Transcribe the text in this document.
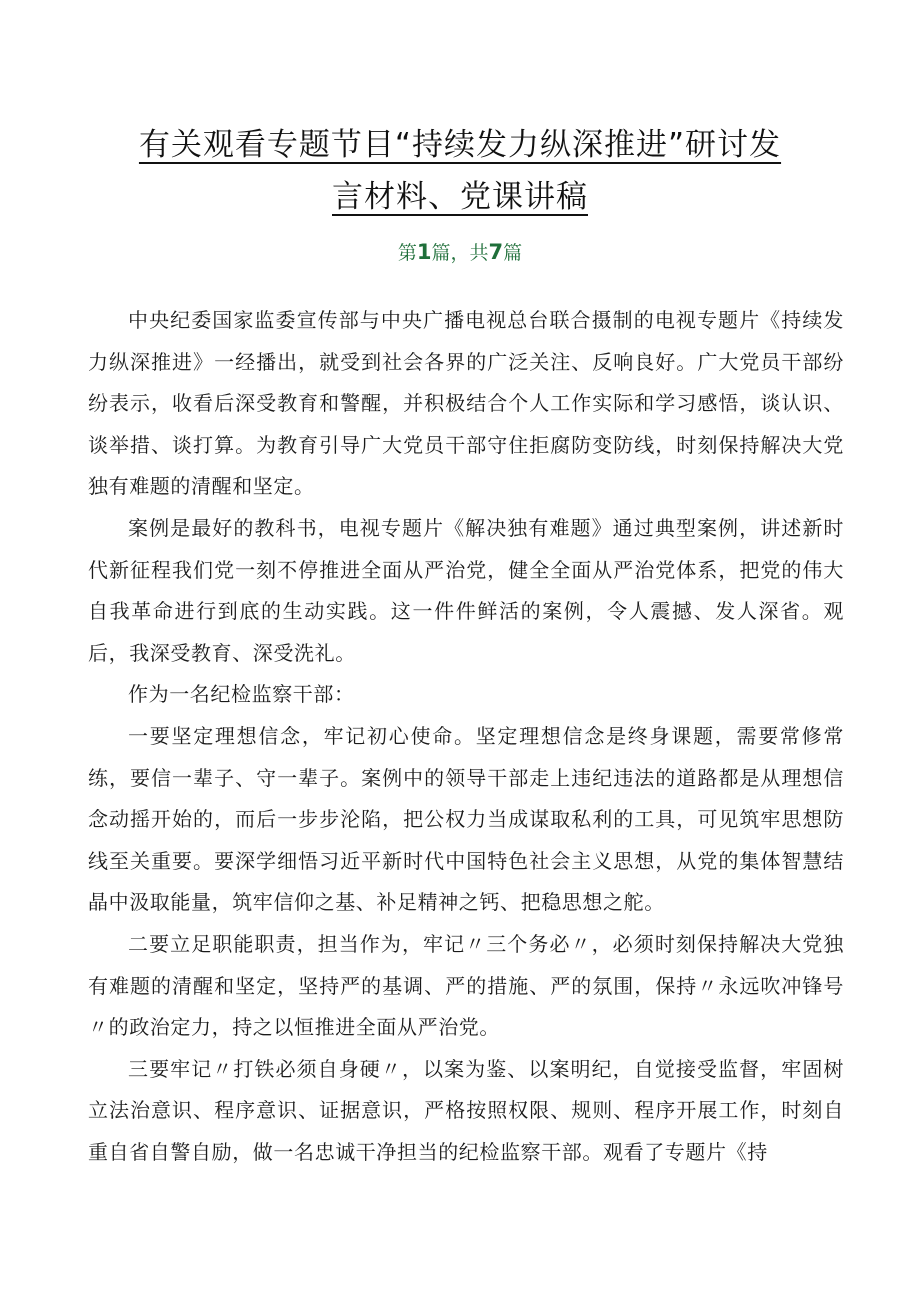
有关观看专题节目“持续发力纵深推进”研讨发
言材料、党课讲稿
第1篇，共7篇

中央纪委国家监委宣传部与中央广播电视总台联合摄制的电视专题片《持续发力纵深推进》一经播出，就受到社会各界的广泛关注、反响良好。广大党员干部纷纷表示，收看后深受教育和警醒，并积极结合个人工作实际和学习感悟，谈认识、谈举措、谈打算。为教育引导广大党员干部守住拒腐防变防线，时刻保持解决大党独有难题的清醒和坚定。

案例是最好的教科书，电视专题片《解决独有难题》通过典型案例，讲述新时代新征程我们党一刻不停推进全面从严治党，健全全面从严治党体系，把党的伟大自我革命进行到底的生动实践。这一件件鲜活的案例，令人震撼、发人深省。观后，我深受教育、深受洗礼。

作为一名纪检监察干部：

一要坚定理想信念，牢记初心使命。坚定理想信念是终身课题，需要常修常练，要信一辈子、守一辈子。案例中的领导干部走上违纪违法的道路都是从理想信念动摇开始的，而后一步步沦陷，把公权力当成谋取私利的工具，可见筑牢思想防线至关重要。要深学细悟习近平新时代中国特色社会主义思想，从党的集体智慧结晶中汲取能量，筑牢信仰之基、补足精神之钙、把稳思想之舵。

二要立足职能职责，担当作为，牢记〃三个务必〃，必须时刻保持解决大党独有难题的清醒和坚定，坚持严的基调、严的措施、严的氛围，保持〃永远吹冲锋号〃的政治定力，持之以恒推进全面从严治党。

三要牢记〃打铁必须自身硬〃，以案为鉴、以案明纪，自觉接受监督，牢固树立法治意识、程序意识、证据意识，严格按照权限、规则、程序开展工作，时刻自重自省自警自励，做一名忠诚干净担当的纪检监察干部。观看了专题片《持
